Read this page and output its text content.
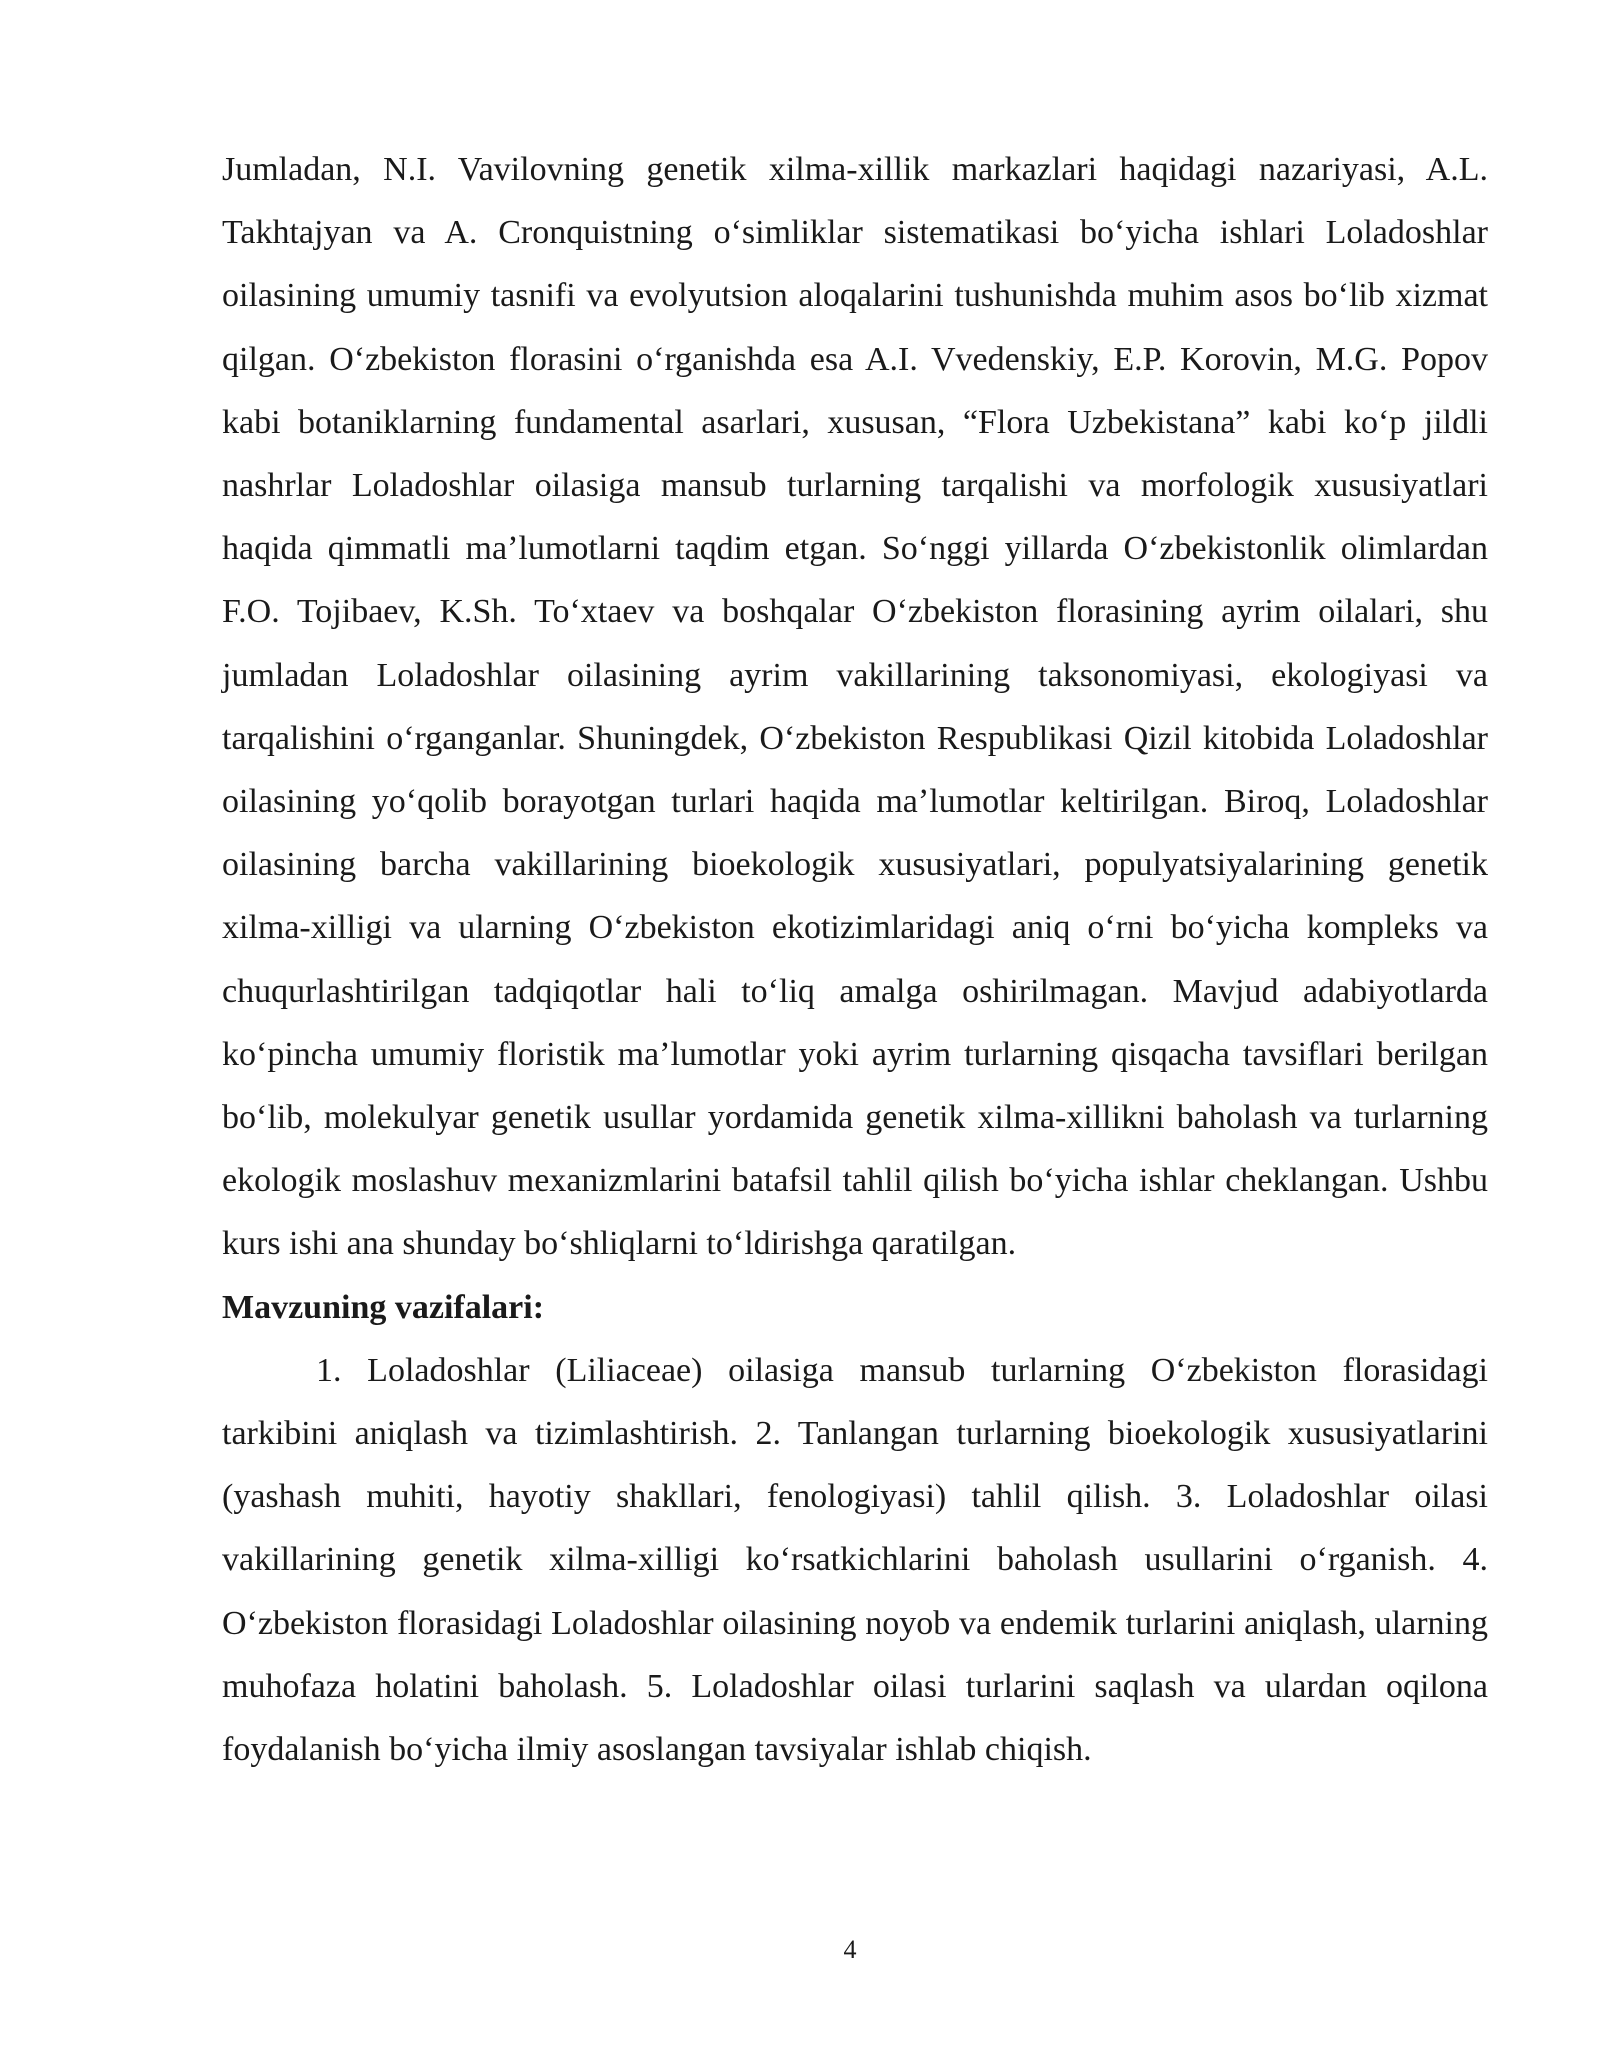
Jumladan, N.I. Vavilovning genetik xilma-xillik markazlari haqidagi nazariyasi, A.L. Takhtajyan va A. Cronquistning oʻsimliklar sistematikasi boʻyicha ishlari Loladoshlar oilasining umumiy tasnifi va evolyutsion aloqalarini tushunishda muhim asos boʻlib xizmat qilgan. Oʻzbekiston florasini oʻrganishda esa A.I. Vvedenskiy, E.P. Korovin, M.G. Popov kabi botaniklarning fundamental asarlari, xususan, “Flora Uzbekistana” kabi koʻp jildli nashrlar Loladoshlar oilasiga mansub turlarning tarqalishi va morfologik xususiyatlari haqida qimmatli maʼlumotlarni taqdim etgan. Soʻnggi yillarda Oʻzbekistonlik olimlardan F.O. Tojibaev, K.Sh. Toʻxtaev va boshqalar Oʻzbekiston florasining ayrim oilalari, shu jumladan Loladoshlar oilasining ayrim vakillarining taksonomiyasi, ekologiyasi va tarqalishini oʻrganganlar. Shuningdek, Oʻzbekiston Respublikasi Qizil kitobida Loladoshlar oilasining yoʻqolib borayotgan turlari haqida maʼlumotlar keltirilgan. Biroq, Loladoshlar oilasining barcha vakillarining bioekologik xususiyatlari, populyatsiyalarining genetik xilma-xilligi va ularning Oʻzbekiston ekotizimlaridagi aniq oʻrni boʻyicha kompleks va chuqurlashtirilgan tadqiqotlar hali toʻliq amalga oshirilmagan. Mavjud adabiyotlarda koʻpincha umumiy floristik maʼlumotlar yoki ayrim turlarning qisqacha tavsiflari berilgan boʻlib, molekulyar genetik usullar yordamida genetik xilma-xillikni baholash va turlarning ekologik moslashuv mexanizmlarini batafsil tahlil qilish boʻyicha ishlar cheklangan. Ushbu kurs ishi ana shunday boʻshliqlarni toʻldirishga qaratilgan.

Mavzuning vazifalari:

1. Loladoshlar (Liliaceae) oilasiga mansub turlarning Oʻzbekiston florasidagi tarkibini aniqlash va tizimlashtirish. 2. Tanlangan turlarning bioekologik xususiyatlarini (yashash muhiti, hayotiy shakllari, fenologiyasi) tahlil qilish. 3. Loladoshlar oilasi vakillarining genetik xilma-xilligi koʻrsatkichlarini baholash usullarini oʻrganish. 4. Oʻzbekiston florasidagi Loladoshlar oilasining noyob va endemik turlarini aniqlash, ularning muhofaza holatini baholash. 5. Loladoshlar oilasi turlarini saqlash va ulardan oqilona foydalanish boʻyicha ilmiy asoslangan tavsiyalar ishlab chiqish.

4
